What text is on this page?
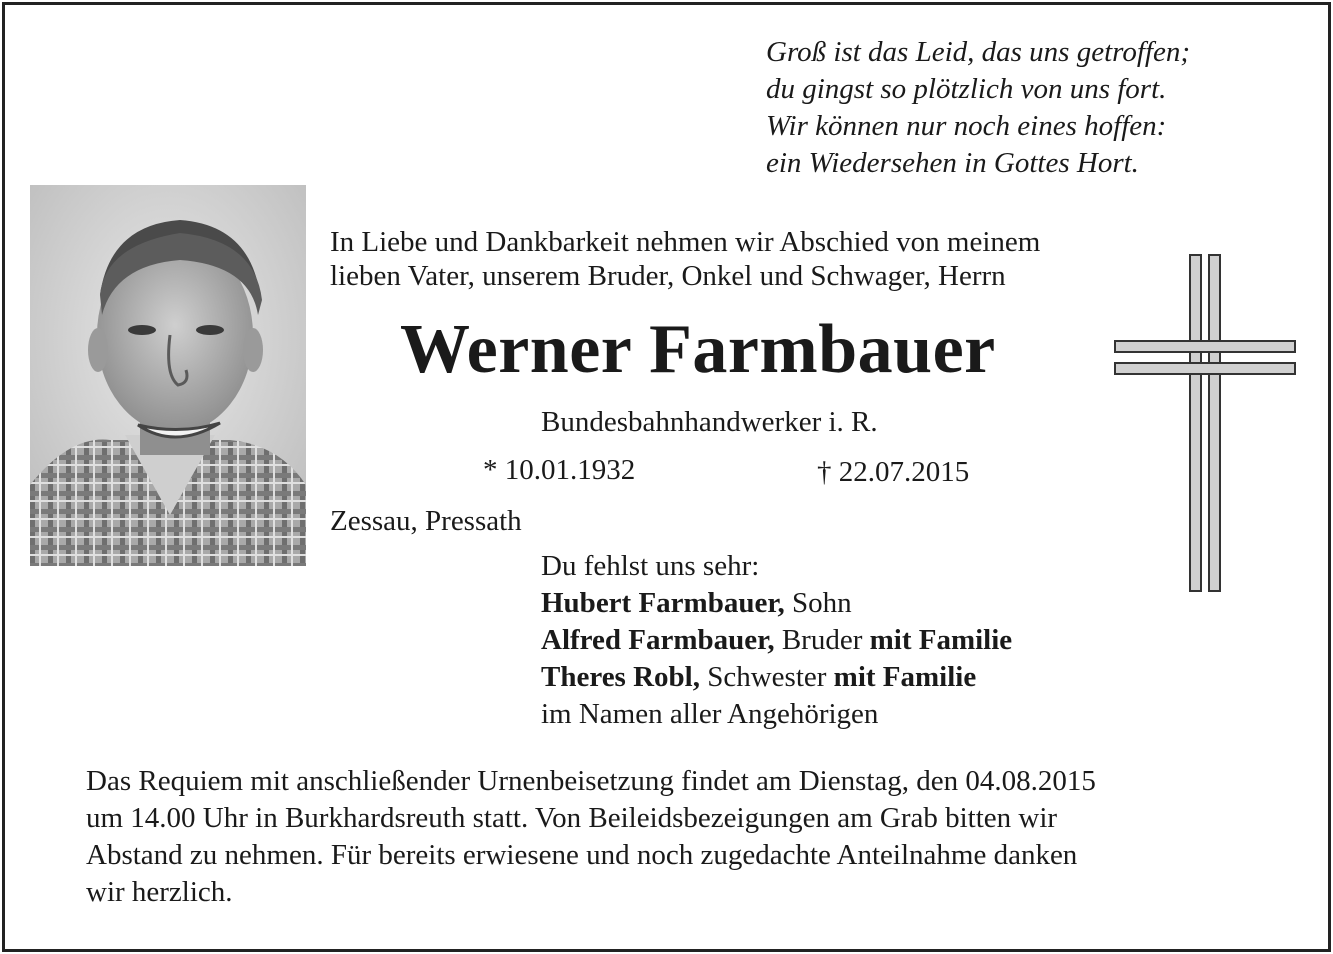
Groß ist das Leid, das uns getroffen;
du gingst so plötzlich von uns fort.
Wir können nur noch eines hoffen:
ein Wiedersehen in Gottes Hort.
In Liebe und Dankbarkeit nehmen wir Abschied von meinem
lieben Vater, unserem Bruder, Onkel und Schwager, Herrn
Werner Farmbauer
Bundesbahnhandwerker i. R.
* 10.01.1932	† 22.07.2015
Zessau, Pressath
Du fehlst uns sehr:
Hubert Farmbauer, Sohn
Alfred Farmbauer, Bruder mit Familie
Theres Robl, Schwester mit Familie
im Namen aller Angehörigen
Das Requiem mit anschließender Urnenbeisetzung findet am Dienstag, den 04.08.2015
um 14.00 Uhr in Burkhardsreuth statt. Von Beileidsbezeigungen am Grab bitten wir
Abstand zu nehmen. Für bereits erwiesene und noch zugedachte Anteilnahme danken
wir herzlich.
